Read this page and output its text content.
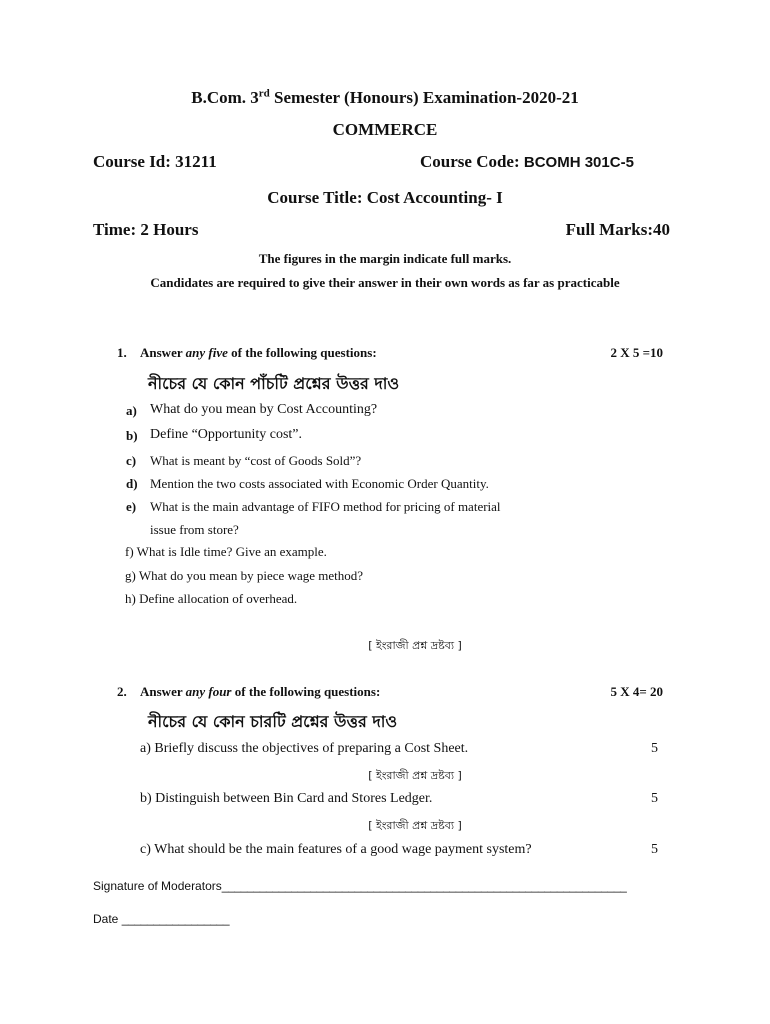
B.Com. 3rd Semester (Honours) Examination-2020-21
COMMERCE
Course Id: 31211	Course Code: BCOMH 301C-5
Course Title: Cost Accounting- I
Time: 2 Hours	Full Marks:40
The figures in the margin indicate full marks.
Candidates are required to give their answer in their own words as far as practicable
1. Answer any five of the following questions:	2 X 5 =10
নীচের যে কোন পাঁচটি প্রশ্নের উত্তর দাও
a) What do you mean by Cost Accounting?
b) Define “Opportunity cost”.
c) What is meant by “cost of Goods Sold”?
d) Mention the two costs associated with Economic Order Quantity.
e) What is the main advantage of FIFO method for pricing of material
issue from store?
f) What is Idle time? Give an example.
g) What do you mean by piece wage method?
h) Define allocation of overhead.
[ ইংরাজী প্রশ্ন দ্রষ্টব্য ]
2. Answer any four of the following questions:	5 X 4= 20
নীচের যে কোন চারটি প্রশ্নের উত্তর দাও
a) Briefly discuss the objectives of preparing a Cost Sheet.	5
[ ইংরাজী প্রশ্ন দ্রষ্টব্য ]
b) Distinguish between Bin Card and Stores Ledger.	5
[ ইংরাজী প্রশ্ন দ্রষ্টব্য ]
c) What should be the main features of a good wage payment system?	5
Signature of Moderators________________________________________________________________
Date _________________
